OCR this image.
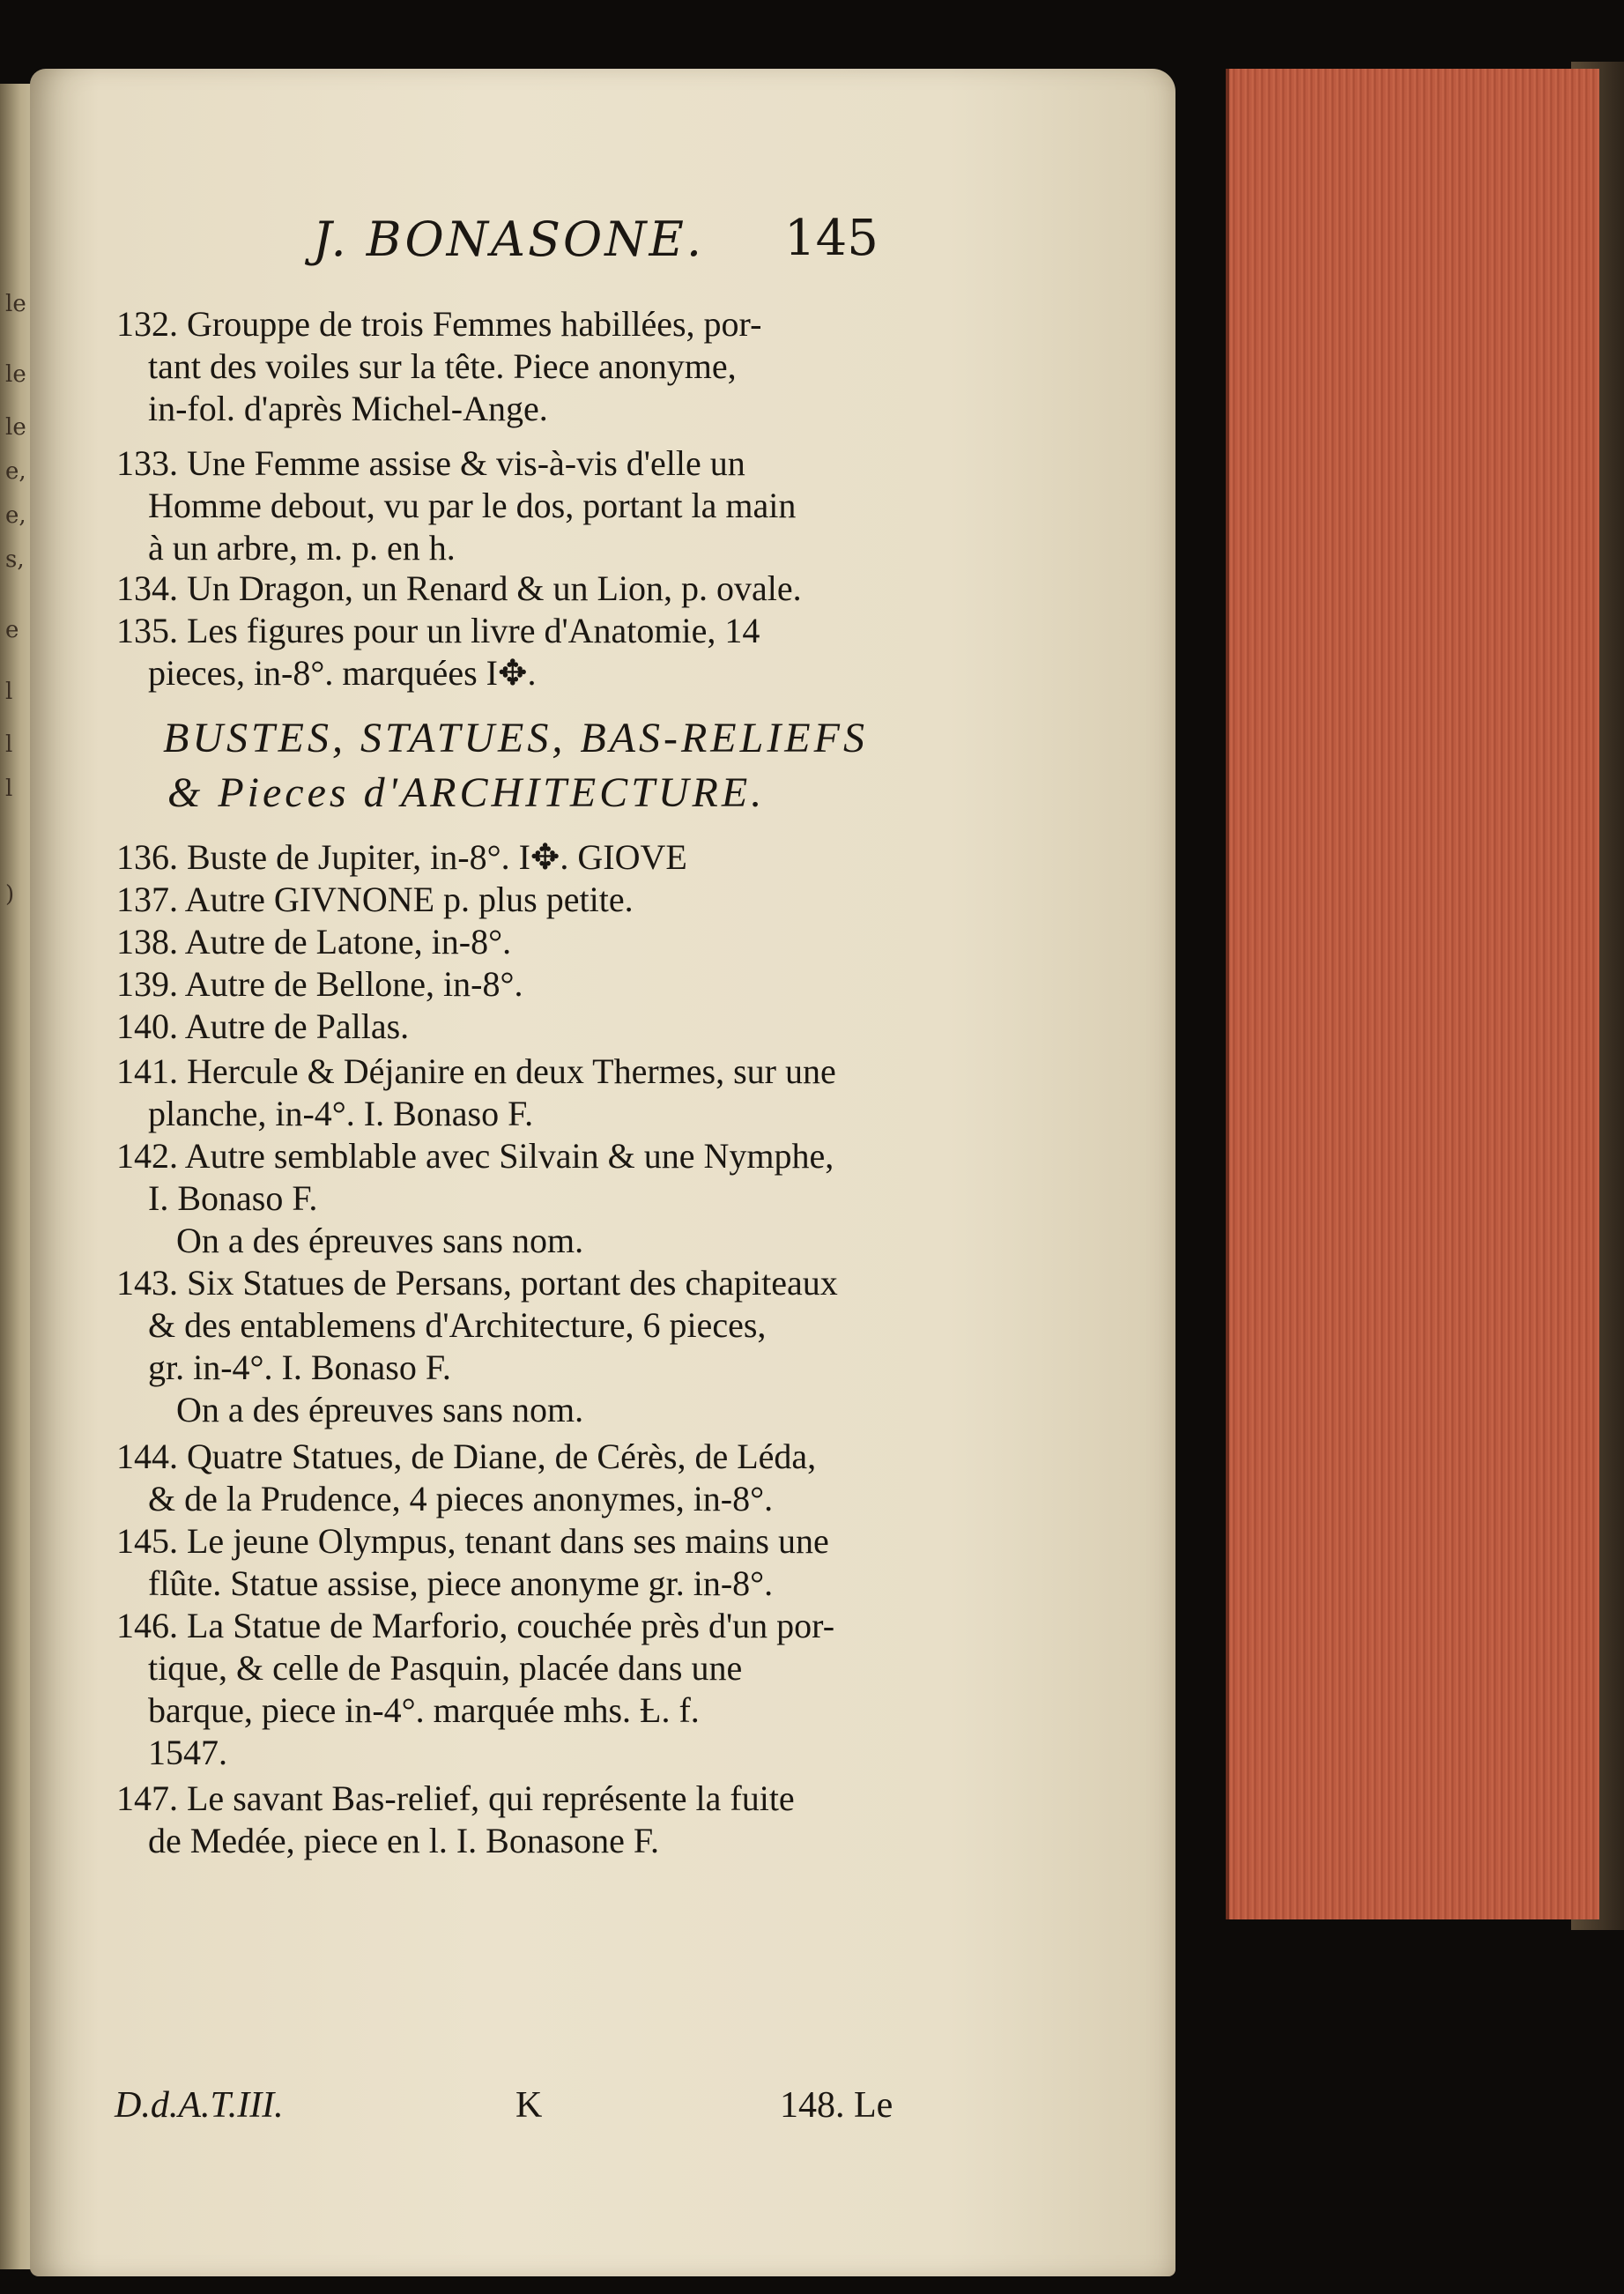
le
le
le
e,
e,
s,
e
l
l
l
)
J. BONASONE. 145
132. Grouppe de trois Femmes habillées, por-
tant des voiles sur la tête. Piece anonyme,
in-fol. d'après Michel-Ange.
133. Une Femme assise & vis-à-vis d'elle un
Homme debout, vu par le dos, portant la main
à un arbre, m. p. en h.
134. Un Dragon, un Renard & un Lion, p. ovale.
135. Les figures pour un livre d'Anatomie, 14
pieces, in-8°. marquées I✥.
136. Buste de Jupiter, in-8°. I✥. GIOVE
137. Autre GIVNONE p. plus petite.
138. Autre de Latone, in-8°.
139. Autre de Bellone, in-8°.
140. Autre de Pallas.
141. Hercule & Déjanire en deux Thermes, sur une
planche, in-4°. I. Bonaso F.
142. Autre semblable avec Silvain & une Nymphe,
I. Bonaso F.
On a des épreuves sans nom.
143. Six Statues de Persans, portant des chapiteaux
& des entablemens d'Architecture, 6 pieces,
gr. in-4°. I. Bonaso F.
On a des épreuves sans nom.
144. Quatre Statues, de Diane, de Cérès, de Léda,
& de la Prudence, 4 pieces anonymes, in-8°.
145. Le jeune Olympus, tenant dans ses mains une
flûte. Statue assise, piece anonyme gr. in-8°.
146. La Statue de Marforio, couchée près d'un por-
tique, & celle de Pasquin, placée dans une
barque, piece in-4°. marquée mhs. Ƚ. f.
1547.
147. Le savant Bas-relief, qui représente la fuite
de Medée, piece en l. I. Bonasone F.
BUSTES, STATUES, BAS-RELIEFS
& Pieces d'ARCHITECTURE.
D.d.A.T.III.	K	148. Le
